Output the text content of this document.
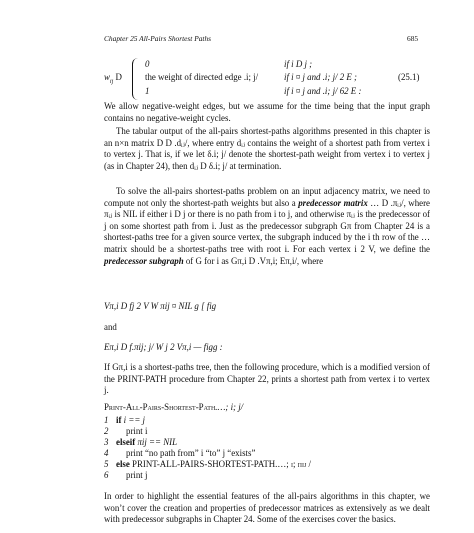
Chapter 25 All-Pairs Shortest Paths	685
$w_{ij}$ D
0	if i D j ;
the weight of directed edge .i; j/	if i ¤ j and .i; j/ 2 E ;
1	if i ¤ j and .i; j/ 62 E :
(25.1)

We allow negative-weight edges, but we assume for the time being that the input graph contains no negative-weight cycles.

The tabular output of the all-pairs shortest-paths algorithms presented in this chapter is an n×n matrix D D .dᵢⱼ/, where entry dᵢⱼ contains the weight of a shortest path from vertex i to vertex j. That is, if we let δ.i; j/ denote the shortest-path weight from vertex i to vertex j (as in Chapter 24), then dᵢⱼ D δ.i; j/ at termination.

To solve the all-pairs shortest-paths problem on an input adjacency matrix, we need to compute not only the shortest-path weights but also a predecessor matrix … D .πᵢⱼ/, where πᵢⱼ is NIL if either i D j or there is no path from i to j, and otherwise πᵢⱼ is the predecessor of j on some shortest path from i. Just as the predecessor subgraph Gπ from Chapter 24 is a shortest-paths tree for a given source vertex, the subgraph induced by the i th row of the … matrix should be a shortest-paths tree with root i. For each vertex i 2 V, we define the predecessor subgraph of G for i as Gπ,i D .Vπ,i; Eπ,i/, where

Vπ,i D fj 2 V W πij ¤ NIL g [ fig
and
Eπ,i D f.πij; j/ W j 2 Vπ,i — figg :

If Gπ,i is a shortest-paths tree, then the following procedure, which is a modified version of the PRINT-PATH procedure from Chapter 22, prints a shortest path from vertex i to vertex j.

Print-All-Pairs-Shortest-Path.…; i; j/
1 if i == j
2 print i
3 elseif πij == NIL
4 print “no path from” i “to” j “exists”
5 else PRINT-ALL-PAIRS-SHORTEST-PATH.…; i; πij /
6 print j

In order to highlight the essential features of the all-pairs algorithms in this chapter, we won’t cover the creation and properties of predecessor matrices as extensively as we dealt with predecessor subgraphs in Chapter 24. Some of the exercises cover the basics.
